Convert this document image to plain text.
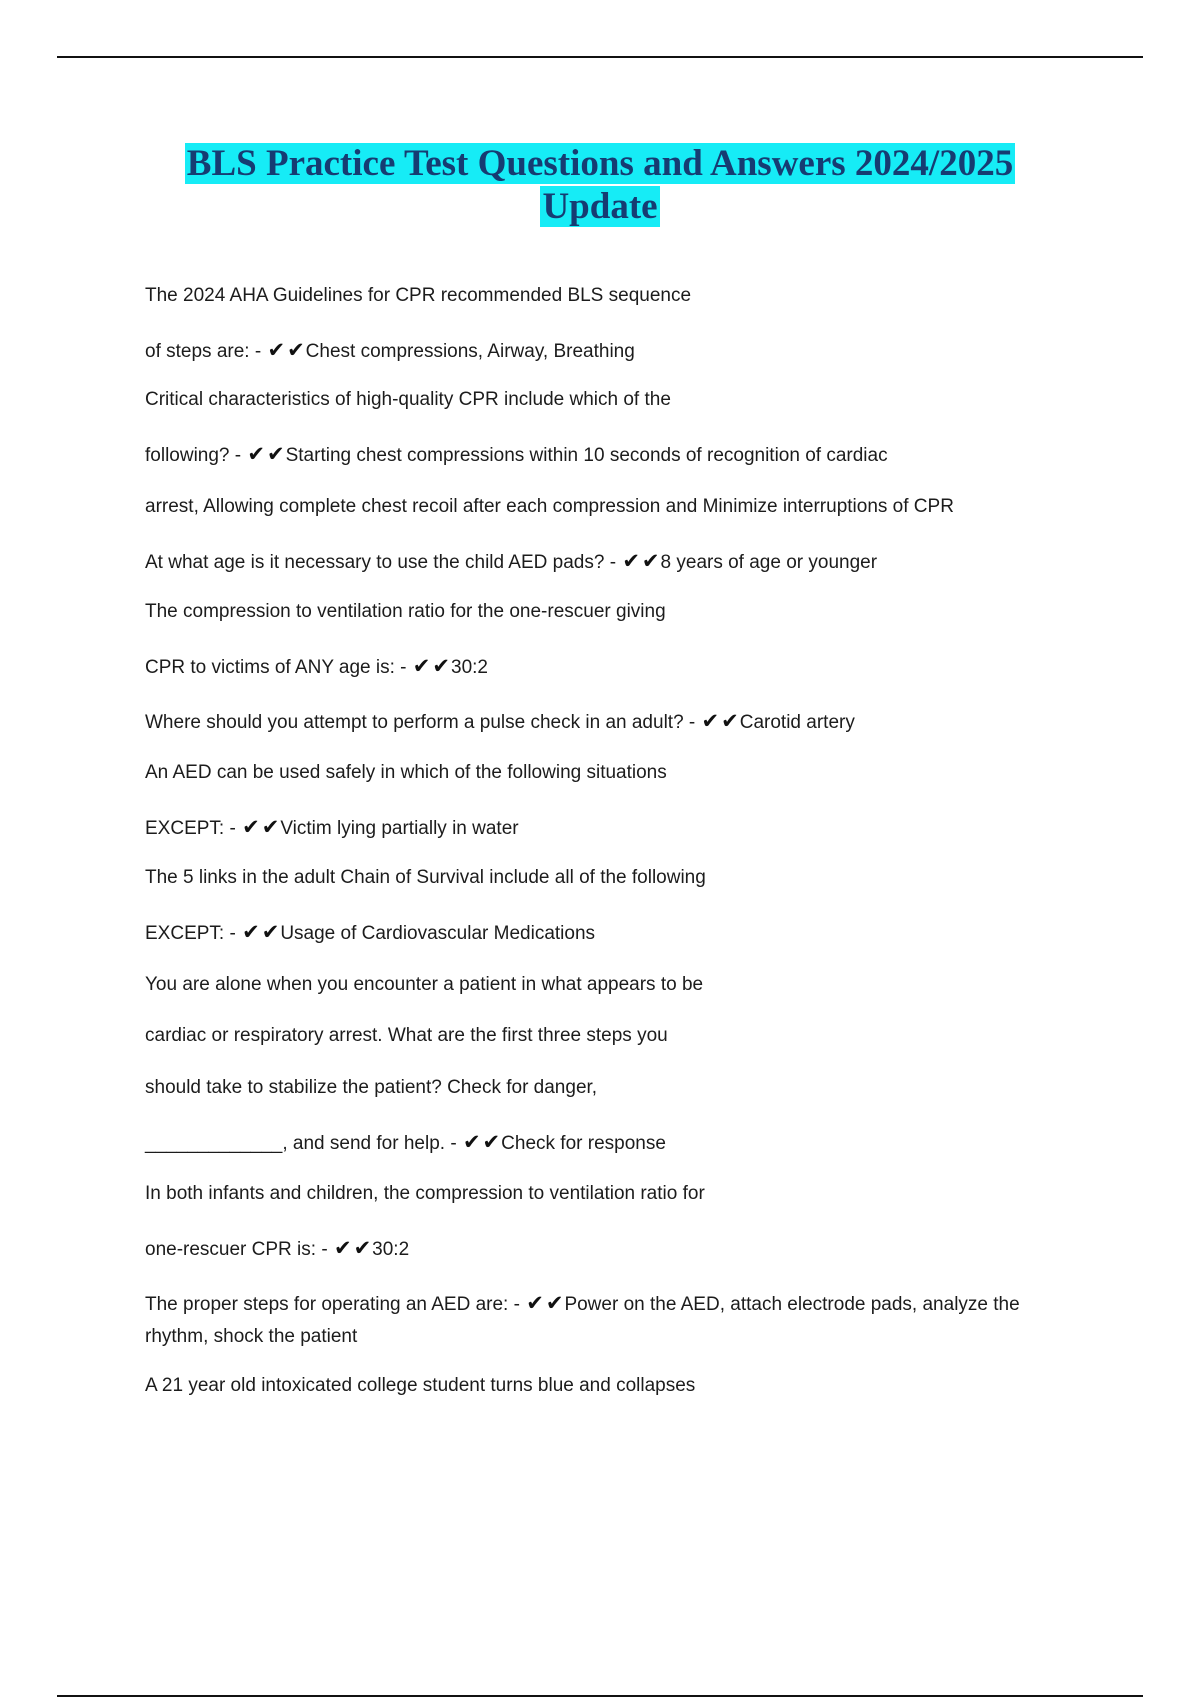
BLS Practice Test Questions and Answers 2024/2025
Update
The 2024 AHA Guidelines for CPR recommended BLS sequence
of steps are: - ✔✔Chest compressions, Airway, Breathing
Critical characteristics of high-quality CPR include which of the
following? - ✔✔Starting chest compressions within 10 seconds of recognition of cardiac
arrest, Allowing complete chest recoil after each compression and Minimize interruptions of CPR
At what age is it necessary to use the child AED pads? - ✔✔8 years of age or younger
The compression to ventilation ratio for the one-rescuer giving
CPR to victims of ANY age is: - ✔✔30:2
Where should you attempt to perform a pulse check in an adult? - ✔✔Carotid artery
An AED can be used safely in which of the following situations
EXCEPT: - ✔✔Victim lying partially in water
The 5 links in the adult Chain of Survival include all of the following
EXCEPT: - ✔✔Usage of Cardiovascular Medications
You are alone when you encounter a patient in what appears to be
cardiac or respiratory arrest. What are the first three steps you
should take to stabilize the patient? Check for danger,
_____________, and send for help. - ✔✔Check for response
In both infants and children, the compression to ventilation ratio for
one-rescuer CPR is: - ✔✔30:2
The proper steps for operating an AED are: - ✔✔Power on the AED, attach electrode pads, analyze the rhythm, shock the patient
A 21 year old intoxicated college student turns blue and collapses
